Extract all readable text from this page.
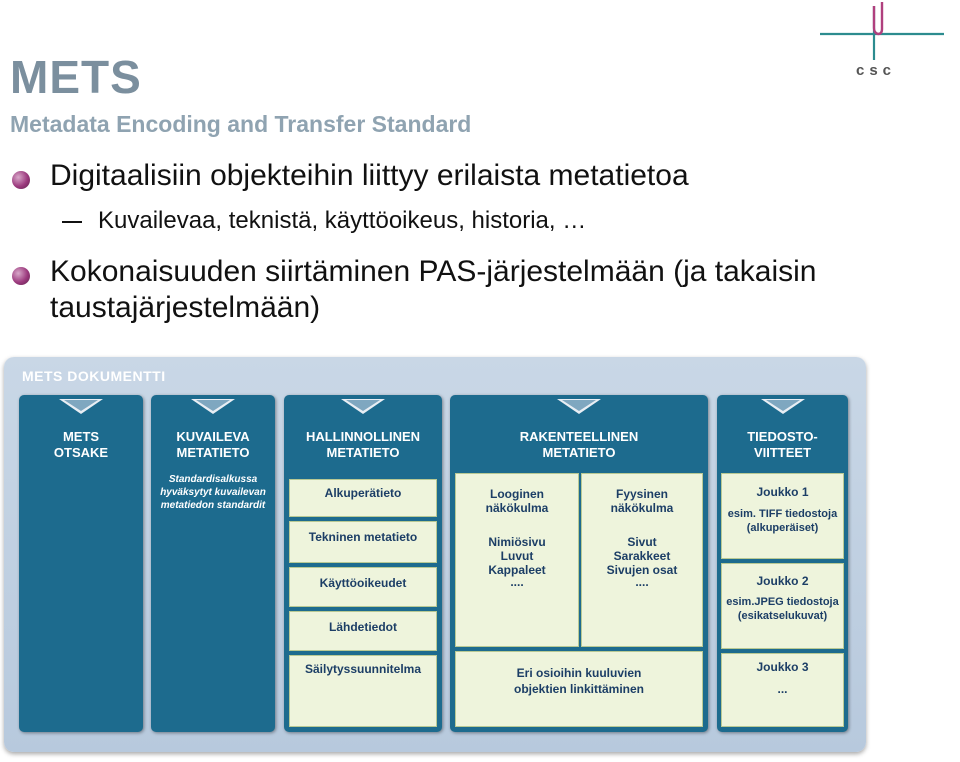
METS
Metadata Encoding and Transfer Standard
csc
Digitaalisiin objekteihin liittyy erilaista metatietoa
Kuvailevaa, teknistä, käyttöoikeus, historia, …
Kokonaisuuden siirtäminen PAS-järjestelmään (ja takaisin taustajärjestelmään)
METS DOKUMENTTI
METS
OTSAKE
KUVAILEVA
METATIETO
Standardisalkussa
hyväksytyt kuvailevan
metatiedon standardit
HALLINNOLLINEN
METATIETO
Alkuperätieto
Tekninen metatieto
Käyttöoikeudet
Lähdetiedot
Säilytyssuunnitelma
RAKENTEELLINEN
METATIETO
Looginen
näkökulma
Nimiösivu
Luvut
Kappaleet
....
Fyysinen
näkökulma
Sivut
Sarakkeet
Sivujen osat
....
Eri osioihin kuuluvien
objektien linkittäminen
TIEDOSTO-
VIITTEET
Joukko 1
esim. TIFF tiedostoja
(alkuperäiset)
Joukko 2
esim.JPEG tiedostoja
(esikatselukuvat)
Joukko 3
...
